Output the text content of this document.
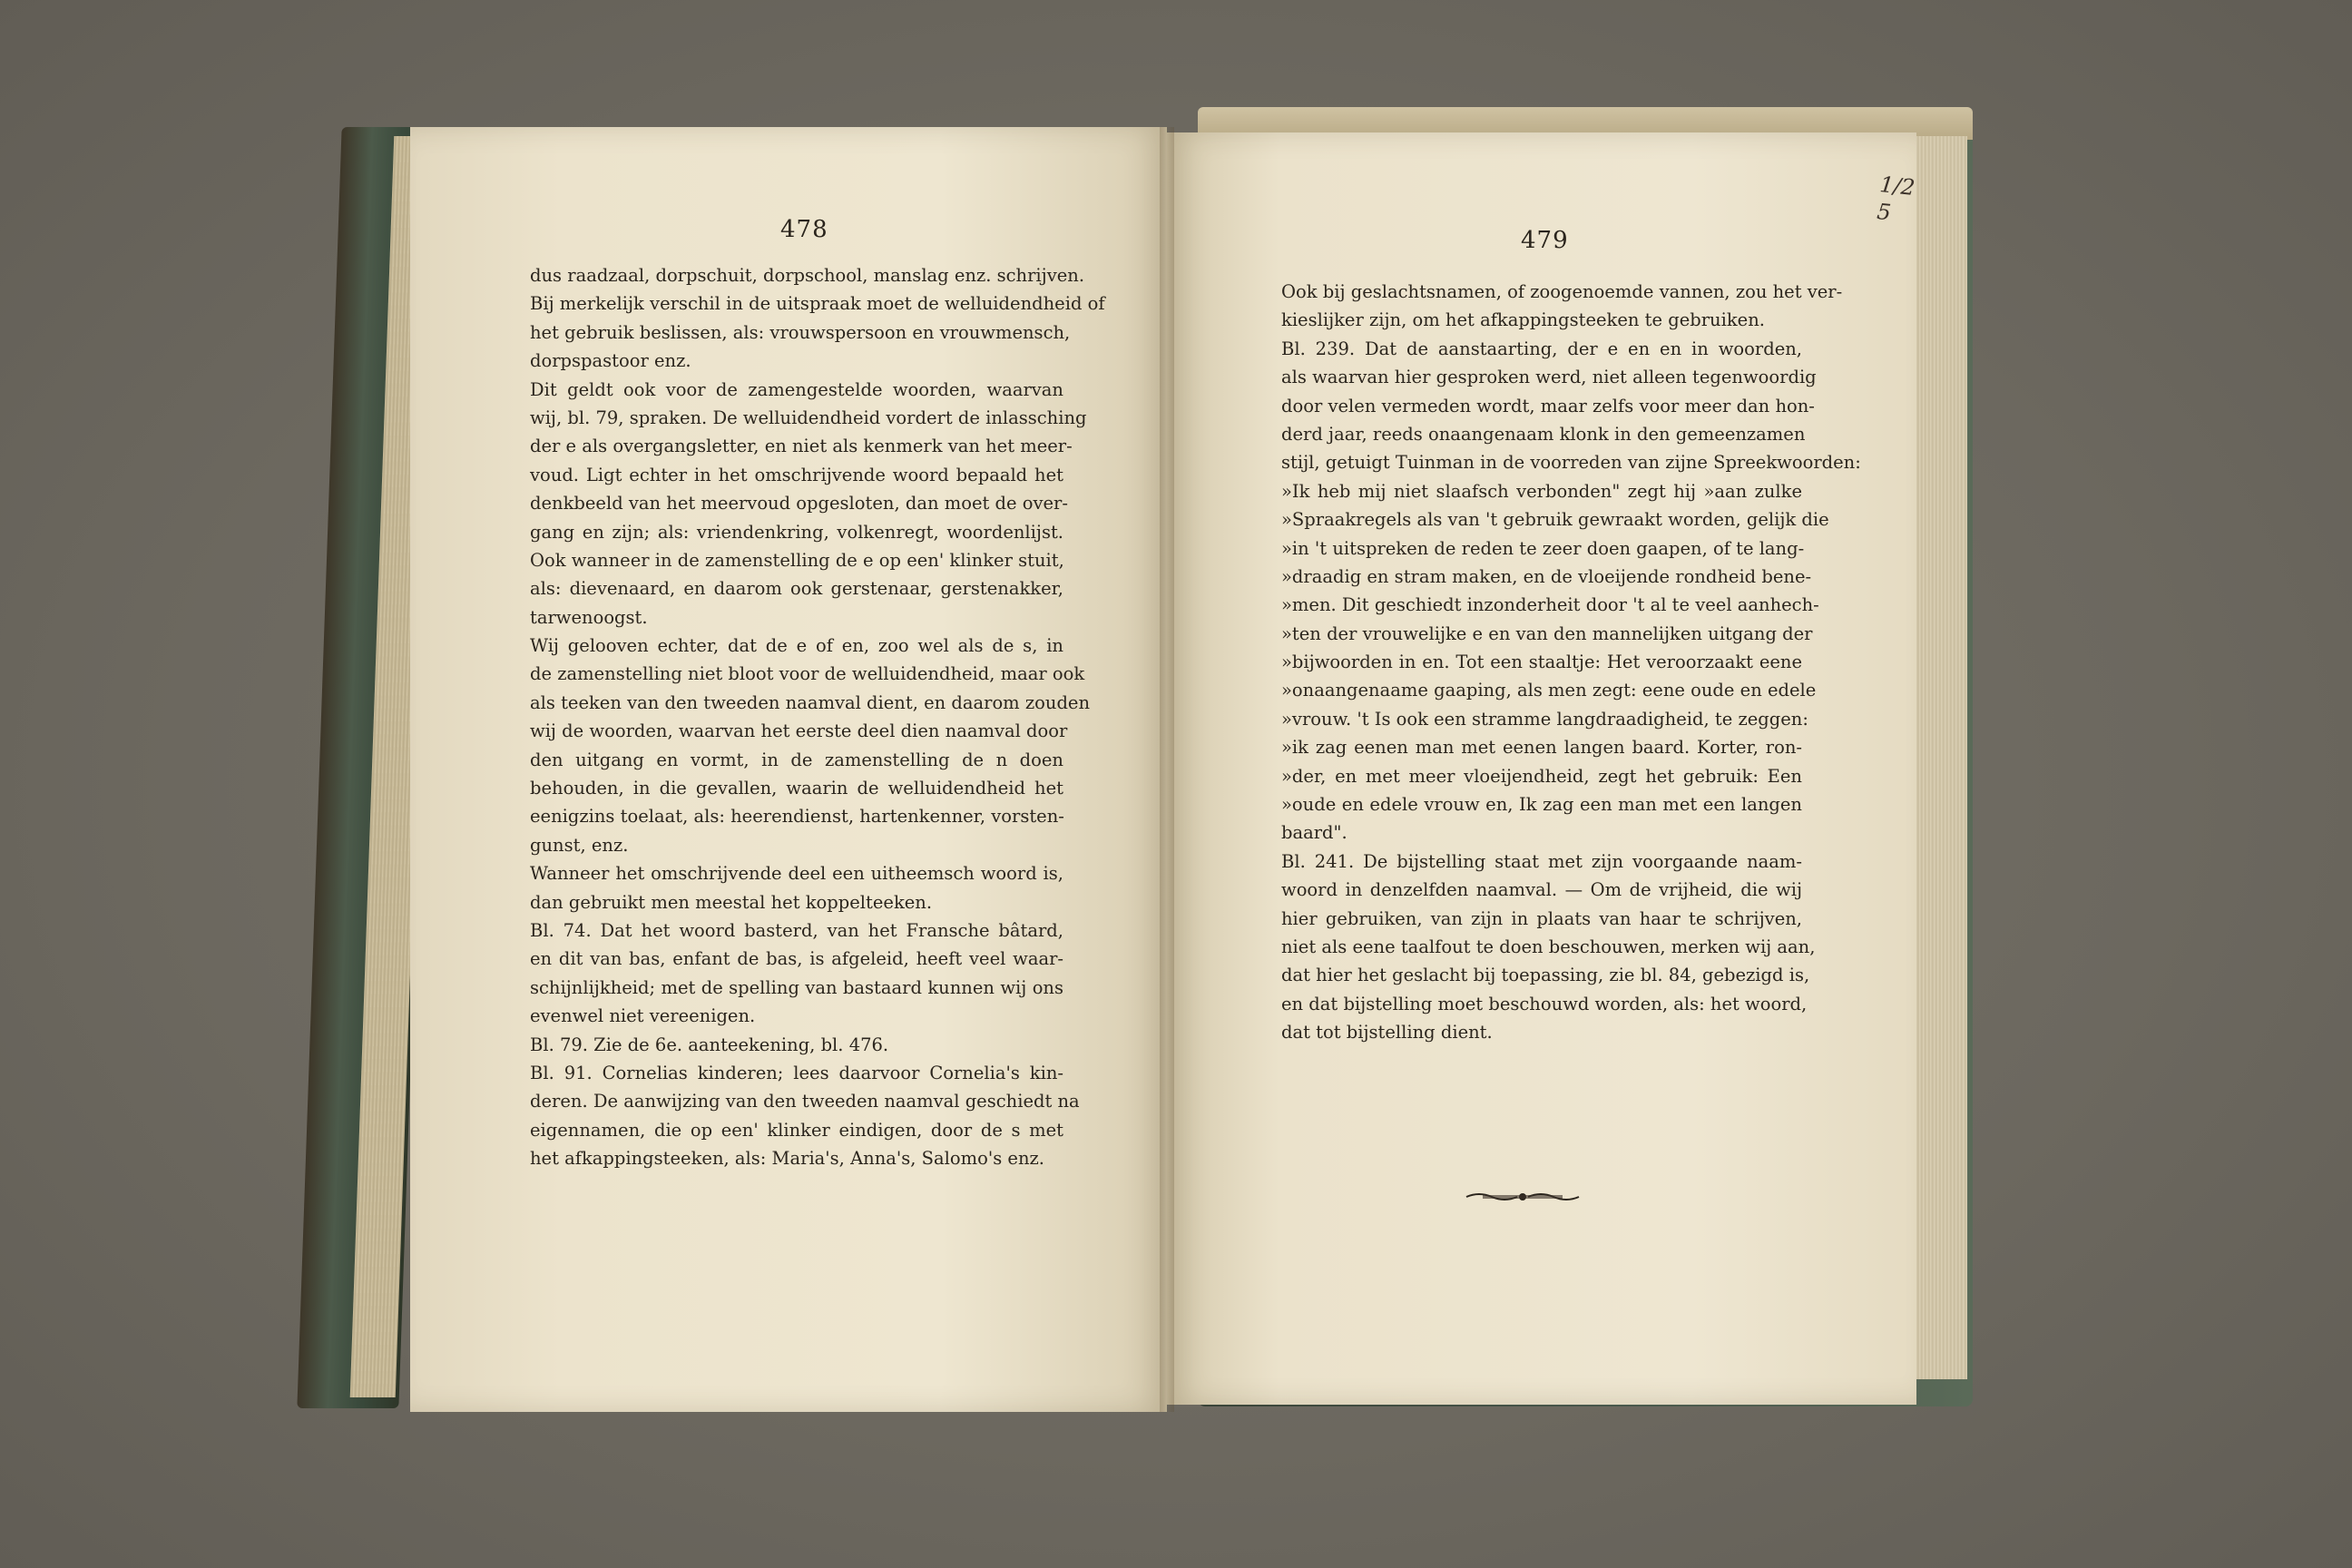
478
dus raadzaal, dorpschuit, dorpschool, manslag enz. schrijven.
Bij merkelijk verschil in de uitspraak moet de welluidendheid of
het gebruik beslissen, als: vrouwspersoon en vrouwmensch,
dorpspastoor enz.
Dit geldt ook voor de zamengestelde woorden, waarvan
wij, bl. 79, spraken. De welluidendheid vordert de inlassching
der e als overgangsletter, en niet als kenmerk van het meer-
voud. Ligt echter in het omschrijvende woord bepaald het
denkbeeld van het meervoud opgesloten, dan moet de over-
gang en zijn; als: vriendenkring, volkenregt, woordenlijst.
Ook wanneer in de zamenstelling de e op een' klinker stuit,
als: dievenaard, en daarom ook gerstenaar, gerstenakker,
tarwenoogst.
Wij gelooven echter, dat de e of en, zoo wel als de s, in
de zamenstelling niet bloot voor de welluidendheid, maar ook
als teeken van den tweeden naamval dient, en daarom zouden
wij de woorden, waarvan het eerste deel dien naamval door
den uitgang en vormt, in de zamenstelling de n doen
behouden, in die gevallen, waarin de welluidendheid het
eenigzins toelaat, als: heerendienst, hartenkenner, vorsten-
gunst, enz.
Wanneer het omschrijvende deel een uitheemsch woord is,
dan gebruikt men meestal het koppelteeken.
Bl. 74. Dat het woord basterd, van het Fransche bâtard,
en dit van bas, enfant de bas, is afgeleid, heeft veel waar-
schijnlijkheid; met de spelling van bastaard kunnen wij ons
evenwel niet vereenigen.
Bl. 79. Zie de 6e. aanteekening, bl. 476.
Bl. 91. Cornelias kinderen; lees daarvoor Cornelia's kin-
deren. De aanwijzing van den tweeden naamval geschiedt na
eigennamen, die op een' klinker eindigen, door de s met
het afkappingsteeken, als: Maria's, Anna's, Salomo's enz.
479
Ook bij geslachtsnamen, of zoogenoemde vannen, zou het ver-
kieslijker zijn, om het afkappingsteeken te gebruiken.
Bl. 239. Dat de aanstaarting, der e en en in woorden,
als waarvan hier gesproken werd, niet alleen tegenwoordig
door velen vermeden wordt, maar zelfs voor meer dan hon-
derd jaar, reeds onaangenaam klonk in den gemeenzamen
stijl, getuigt Tuinman in de voorreden van zijne Spreekwoorden:
»Ik heb mij niet slaafsch verbonden" zegt hij »aan zulke
»Spraakregels als van 't gebruik gewraakt worden, gelijk die
»in 't uitspreken de reden te zeer doen gaapen, of te lang-
»draadig en stram maken, en de vloeijende rondheid bene-
»men. Dit geschiedt inzonderheit door 't al te veel aanhech-
»ten der vrouwelijke e en van den mannelijken uitgang der
»bijwoorden in en. Tot een staaltje: Het veroorzaakt eene
»onaangenaame gaaping, als men zegt: eene oude en edele
»vrouw. 't Is ook een stramme langdraadigheid, te zeggen:
»ik zag eenen man met eenen langen baard. Korter, ron-
»der, en met meer vloeijendheid, zegt het gebruik: Een
»oude en edele vrouw en, Ik zag een man met een langen
baard".
Bl. 241. De bijstelling staat met zijn voorgaande naam-
woord in denzelfden naamval. — Om de vrijheid, die wij
hier gebruiken, van zijn in plaats van haar te schrijven,
niet als eene taalfout te doen beschouwen, merken wij aan,
dat hier het geslacht bij toepassing, zie bl. 84, gebezigd is,
en dat bijstelling moet beschouwd worden, als: het woord,
dat tot bijstelling dient.
1/2
5
